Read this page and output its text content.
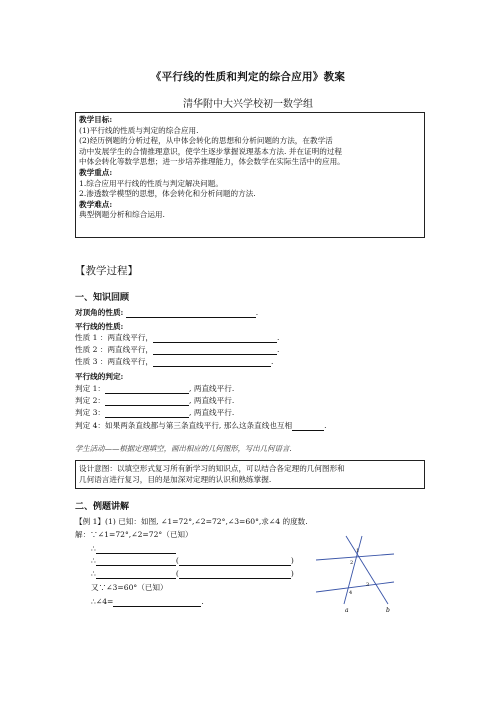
《平行线的性质和判定的综合应用》教案
清华附中大兴学校初一数学组
教学目标:
(1)平行线的性质与判定的综合应用.
(2)经历例题的分析过程，从中体会转化的思想和分析问题的方法，在教学活
动中发展学生的合情推理意识，使学生逐步掌握说理基本方法. 并在证明的过程
中体会转化等数学思想；进一步培养推理能力，体会数学在实际生活中的应用。
教学重点:
1.综合应用平行线的性质与判定解决问题。
2.渗透数学模型的思想，体会转化和分析问题的方法.
教学难点:
典型例题分析和综合运用.
【教学过程】
一、知识回顾
对顶角的性质:	.
平行线的性质:
性质 1 ：两直线平行，	.
性质 2 ：两直线平行，	.
性质 3 ：两直线平行，	.
平行线的判定:
判定 1：	, 两直线平行.
判定 2：	, 两直线平行.
判定 3：	, 两直线平行.
判定 4：如果两条直线都与第三条直线平行, 那么这条直线也互相	.
学生活动——根据定理填空，画出相应的几何图形，写出几何语言.
设计意图：以填空形式复习所有新学习的知识点，可以结合各定理的几何图形和
几何语言进行复习，目的是加深对定理的认识和熟练掌握.
二、例题讲解
【例 1】(1) 已知：如图, ∠1=72°,∠2=72°,∠3=60°,求∠4 的度数.
解：∵∠1=72°,∠2=72°（已知）
∴
∴	(	)
∴	(	)
又∵∠3=60°（已知）
∴∠4=	.
1
2
3
4
a	b
